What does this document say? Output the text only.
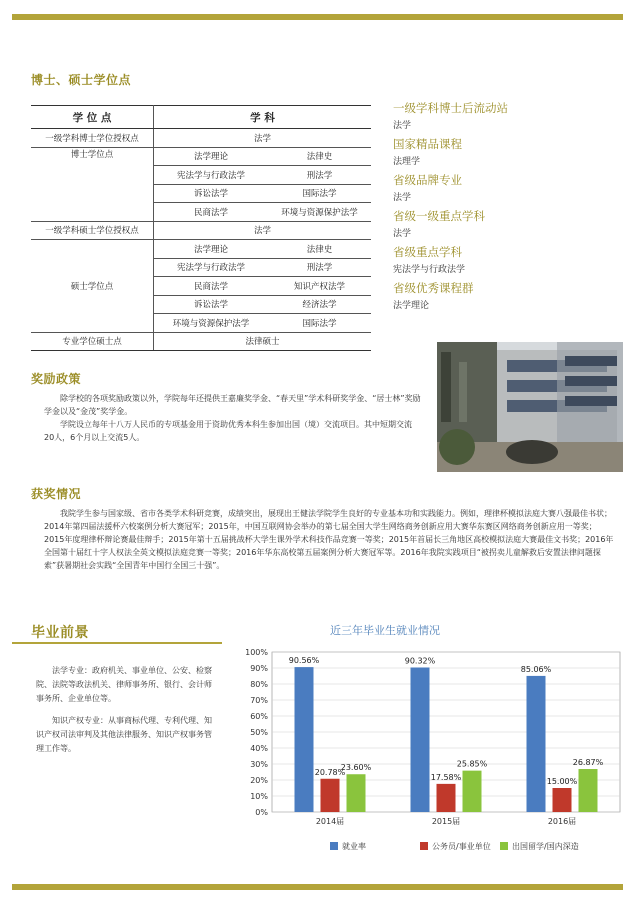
博士、硕士学位点
学 位 点	学 科	
一级学科博士学位授权点	法学	
博士学位点	法学理论	法律史
	宪法学与行政法学	刑法学
	诉讼法学	国际法学
	民商法学	环境与资源保护法学
一级学科硕士学位授权点	法学	
硕士学位点	法学理论	法律史
	宪法学与行政法学	刑法学
	民商法学	知识产权法学
	诉讼法学	经济法学
	环境与资源保护法学	国际法学
专业学位硕士点	法律硕士	
一级学科博士后流动站
法学
国家精品课程
法理学
省级品牌专业
法学
省级一级重点学科
法学
省级重点学科
宪法学与行政法学
省级优秀课程群
法学理论
奖励政策

除学校的各项奖励政策以外，学院每年还提供王嘉廉奖学金、“春天里”学术科研奖学金、“居士林”奖励学金以及“金茂”奖学金。

学院设立每年十八万人民币的专项基金用于资助优秀本科生参加出国（境）交流项目。其中短期交流20人，6个月以上交流5人。

获奖情况

我院学生参与国家级、省市各类学术科研竞赛，成绩突出，展现出王健法学院学生良好的专业基本功和实践能力。例如，理律杯模拟法庭大赛八强最佳书状；2014年第四届法援杯六校案例分析大赛冠军；2015年，中国互联网协会举办的第七届全国大学生网络商务创新应用大赛华东赛区网络商务创新应用一等奖；2015年度理律杯辩论赛最佳辩手；2015年第十五届挑战杯大学生课外学术科技作品竞赛一等奖；2015年首届长三角地区高校模拟法庭大赛最佳文书奖；2016年全国第十届红十字人权法全英文模拟法庭竞赛一等奖；2016年华东高校第五届案例分析大赛冠军等。2016年我院实践项目“被拐卖儿童解救后安置法律问题探索”获暑期社会实践“全国青年中国行全国三十强”。

毕业前景

法学专业：政府机关、事业单位、公安、检察院、法院等政法机关、律师事务所、银行、会计师事务所、企业单位等。

知识产权专业：从事商标代理、专利代理、知识产权司法审判及其他法律服务、知识产权事务管理工作等。

近三年毕业生就业情况
0%
10%
20%
30%
40%
50%
60%
70%
80%
90%
100%
90.56%
20.78%
23.60%
2014届
90.32%
17.58%
25.85%
2015届
85.06%
15.00%
26.87%
2016届
就业率	公务员/事业单位	出国留学/国内深造
